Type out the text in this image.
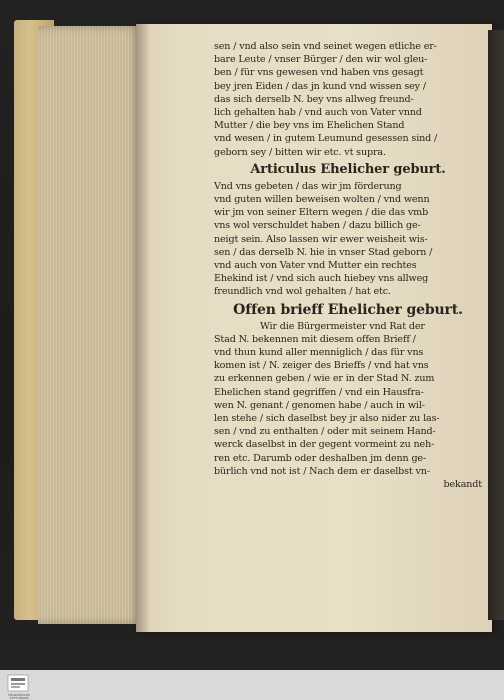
sen / vnd also sein vnd seinet wegen etliche er-
bare Leute / vnser Bürger / den wir wol gleu-
ben / für vns gewesen vnd haben vns gesagt
bey jren Eiden / das jn kund vnd wissen sey /
das sich derselb N. bey vns allweg freund-
lich gehalten hab / vnd auch von Vater vnnd
Mutter / die bey vns im Ehelichen Stand
vnd wesen / in gutem Leumund gesessen sind /
geborn sey / bitten wir etc. vt supra.
Articulus Ehelicher geburt.
Vnd vns gebeten / das wir jm förderung
vnd guten willen beweisen wolten / vnd wenn
wir jm von seiner Eltern wegen / die das vmb
vns wol verschuldet haben / dazu billich ge-
neigt sein. Also lassen wir ewer weisheit wis-
sen / das derselb N. hie in vnser Stad geborn /
vnd auch von Vater vnd Mutter ein rechtes
Ehekind ist / vnd sich auch hiebey vns allweg
freundlich vnd wol gehalten / hat etc.
Offen brieff Ehelicher geburt.
Wir die Bürgermeister vnd Rat der
Stad N. bekennen mit diesem offen Brieff /
vnd thun kund aller menniglich / das für vns
komen ist / N. zeiger des Brieffs / vnd hat vns
zu erkennen geben / wie er in der Stad N. zum
Ehelichen stand gegriffen / vnd ein Hausfra-
wen N. genant / genomen habe / auch in wil-
len stehe / sich daselbst bey jr also nider zu las-
sen / vnd zu enthalten / oder mit seinem Hand-
werck daselbst in der gegent vormeint zu neh-
ren etc. Darumb oder deshalben jm denn ge-
bürlich vnd not ist / Nach dem er daselbst vn-
bekandt
FRANCKESCHE STIFTUNGEN
